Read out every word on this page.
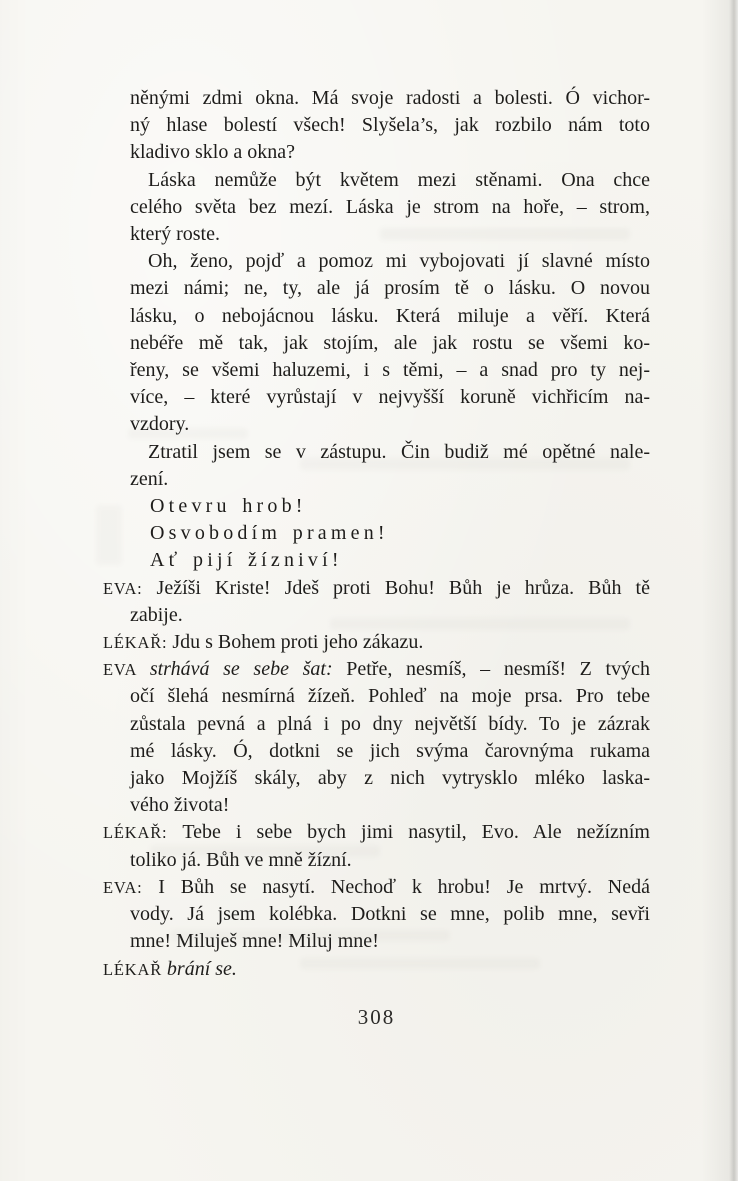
něnými zdmi okna. Má svoje radosti a bolesti. Ó vichor-
ný hlase bolestí všech! Slyšela’s, jak rozbilo nám toto
kladivo sklo a okna?
Láska nemůže být květem mezi stěnami. Ona chce
celého světa bez mezí. Láska je strom na hoře, – strom,
který roste.
Oh, ženo, pojď a pomoz mi vybojovati jí slavné místo
mezi námi; ne, ty, ale já prosím tě o lásku. O novou
lásku, o nebojácnou lásku. Která miluje a věří. Která
nebéře mě tak, jak stojím, ale jak rostu se všemi ko-
řeny, se všemi haluzemi, i s těmi, – a snad pro ty nej-
více, – které vyrůstají v nejvyšší koruně vichřicím na-
vzdory.
Ztratil jsem se v zástupu. Čin budiž mé opětné nale-
zení.
Otevru hrob!
Osvobodím pramen!
Ať pijí žízniví!
EVA: Ježíši Kriste! Jdeš proti Bohu! Bůh je hrůza. Bůh tě
zabije.
LÉKAŘ: Jdu s Bohem proti jeho zákazu.
EVA strhává se sebe šat: Petře, nesmíš, – nesmíš! Z tvých
očí šlehá nesmírná žízeň. Pohleď na moje prsa. Pro tebe
zůstala pevná a plná i po dny největší bídy. To je zázrak
mé lásky. Ó, dotkni se jich svýma čarovnýma rukama
jako Mojžíš skály, aby z nich vytrysklo mléko laska-
vého života!
LÉKAŘ: Tebe i sebe bych jimi nasytil, Evo. Ale nežízním
toliko já. Bůh ve mně žízní.
EVA: I Bůh se nasytí. Nechoď k hrobu! Je mrtvý. Nedá
vody. Já jsem kolébka. Dotkni se mne, polib mne, sevři
mne! Miluješ mne! Miluj mne!
LÉKAŘ brání se.
308
